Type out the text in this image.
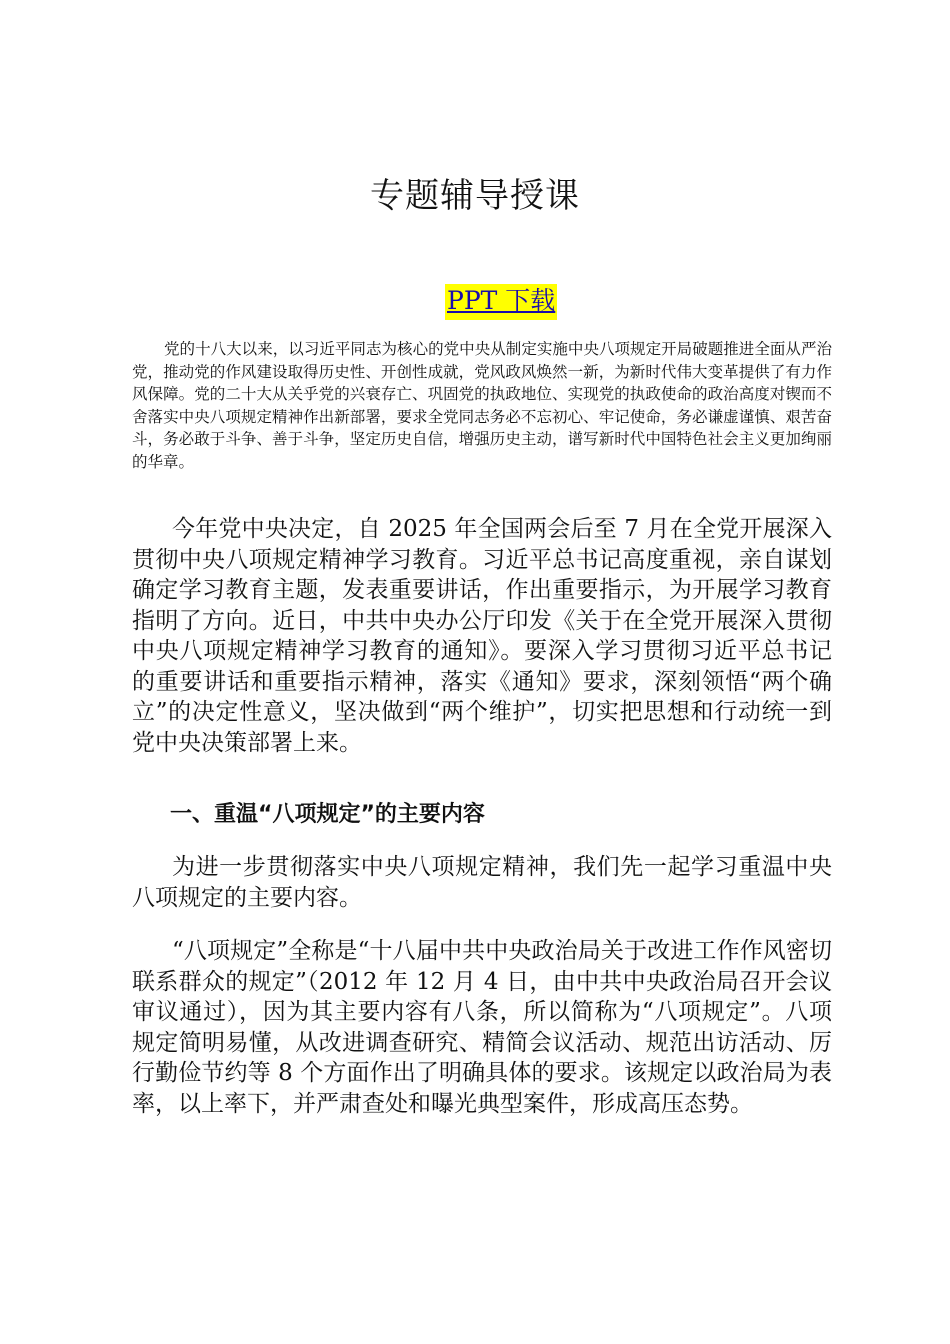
专题辅导授课
PPT 下载

党的十八大以来，以习近平同志为核心的党中央从制定实施中央八项规定开局破题推进全面从严治党，推动党的作风建设取得历史性、开创性成就，党风政风焕然一新，为新时代伟大变革提供了有力作风保障。党的二十大从关乎党的兴衰存亡、巩固党的执政地位、实现党的执政使命的政治高度对锲而不舍落实中央八项规定精神作出新部署，要求全党同志务必不忘初心、牢记使命，务必谦虚谨慎、艰苦奋斗，务必敢于斗争、善于斗争，坚定历史自信，增强历史主动，谱写新时代中国特色社会主义更加绚丽的华章。

今年党中央决定，自 2025 年全国两会后至 7 月在全党开展深入贯彻中央八项规定精神学习教育。习近平总书记高度重视，亲自谋划确定学习教育主题，发表重要讲话，作出重要指示，为开展学习教育指明了方向。近日，中共中央办公厅印发《关于在全党开展深入贯彻中央八项规定精神学习教育的通知》。要深入学习贯彻习近平总书记的重要讲话和重要指示精神，落实《通知》要求，深刻领悟“两个确立”的决定性意义，坚决做到“两个维护”，切实把思想和行动统一到党中央决策部署上来。

一、重温“八项规定”的主要内容

为进一步贯彻落实中央八项规定精神，我们先一起学习重温中央八项规定的主要内容。

“八项规定”全称是“十八届中共中央政治局关于改进工作作风密切联系群众的规定”（2012 年 12 月 4 日，由中共中央政治局召开会议审议通过），因为其主要内容有八条，所以简称为“八项规定”。八项规定简明易懂，从改进调查研究、精简会议活动、规范出访活动、厉行勤俭节约等 8 个方面作出了明确具体的要求。该规定以政治局为表率，以上率下，并严肃查处和曝光典型案件，形成高压态势。
